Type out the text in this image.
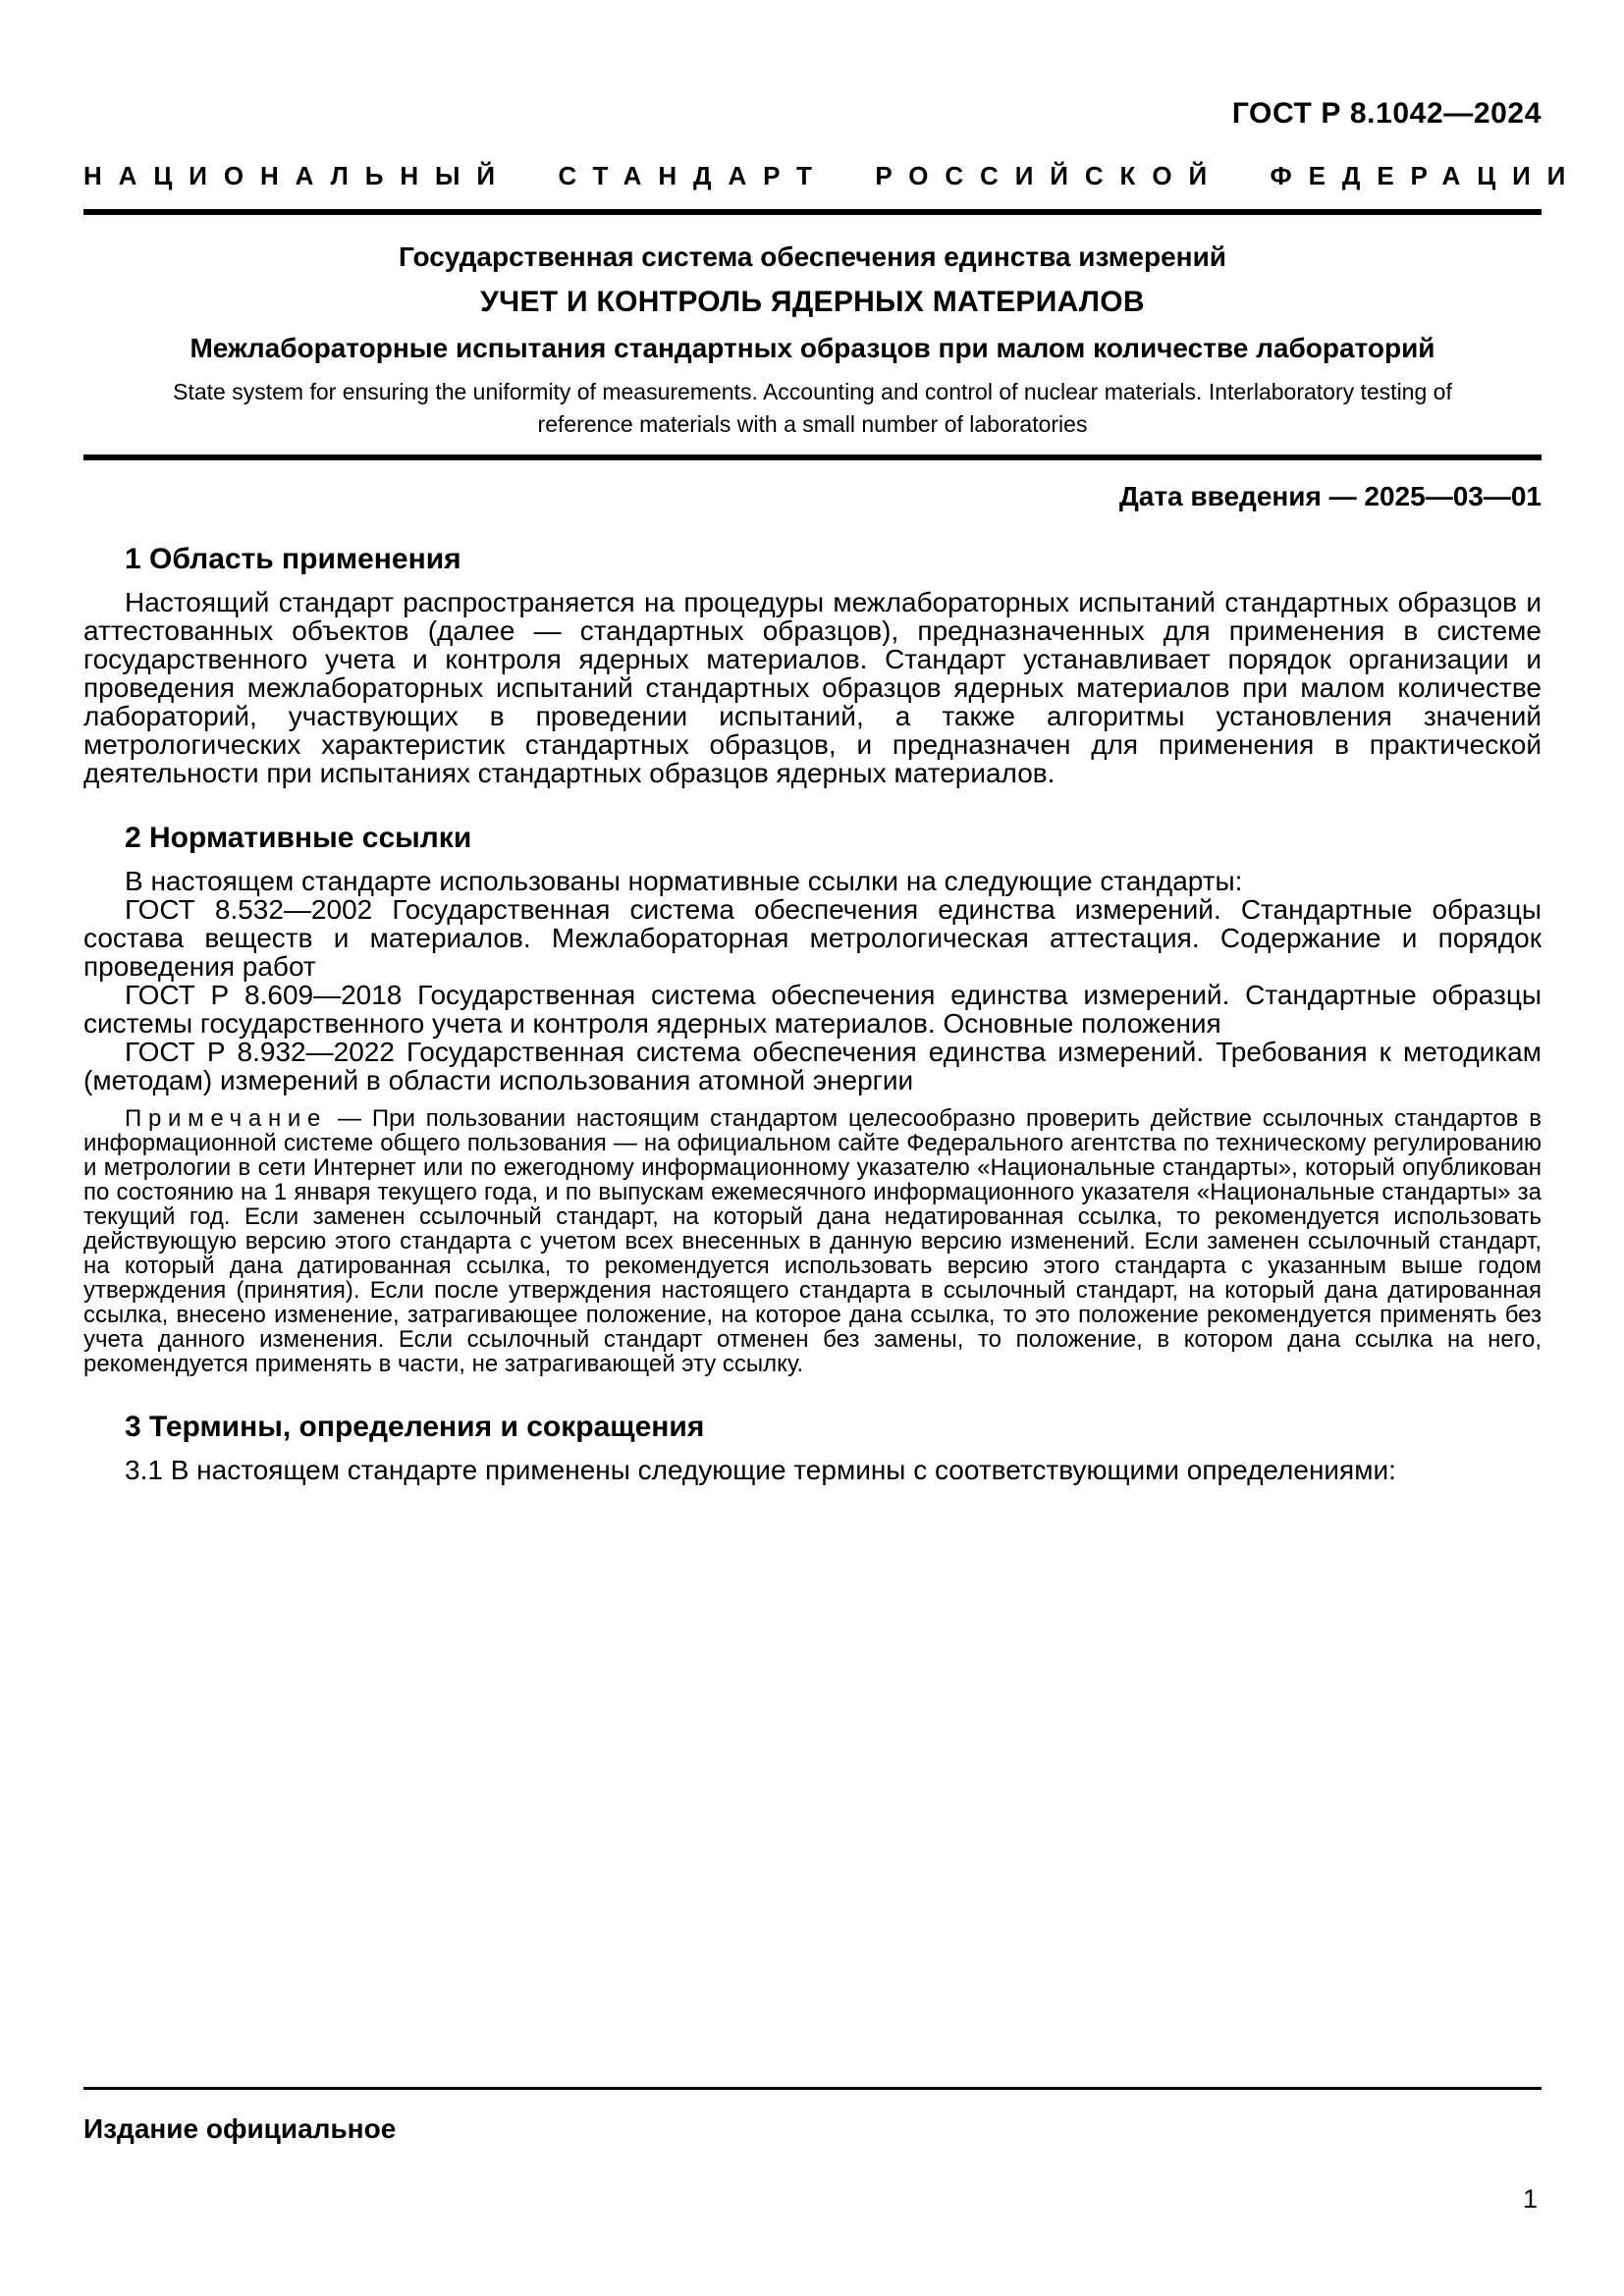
ГОСТ Р 8.1042—2024
НАЦИОНАЛЬНЫЙ СТАНДАРТ РОССИЙСКОЙ ФЕДЕРАЦИИ
Государственная система обеспечения единства измерений
УЧЕТ И КОНТРОЛЬ ЯДЕРНЫХ МАТЕРИАЛОВ
Межлабораторные испытания стандартных образцов при малом количестве лабораторий
State system for ensuring the uniformity of measurements. Accounting and control of nuclear materials. Interlaboratory testing of reference materials with a small number of laboratories
Дата введения — 2025—03—01
1 Область применения

Настоящий стандарт распространяется на процедуры межлабораторных испытаний стандартных образцов и аттестованных объектов (далее — стандартных образцов), предназначенных для применения в системе государственного учета и контроля ядерных материалов. Стандарт устанавливает порядок организации и проведения межлабораторных испытаний стандартных образцов ядерных материалов при малом количестве лабораторий, участвующих в проведении испытаний, а также алгоритмы установления значений метрологических характеристик стандартных образцов, и предназначен для применения в практической деятельности при испытаниях стандартных образцов ядерных материалов.

2 Нормативные ссылки

В настоящем стандарте использованы нормативные ссылки на следующие стандарты:

ГОСТ 8.532—2002 Государственная система обеспечения единства измерений. Стандартные образцы состава веществ и материалов. Межлабораторная метрологическая аттестация. Содержание и порядок проведения работ

ГОСТ Р 8.609—2018 Государственная система обеспечения единства измерений. Стандартные образцы системы государственного учета и контроля ядерных материалов. Основные положения

ГОСТ Р 8.932—2022 Государственная система обеспечения единства измерений. Требования к методикам (методам) измерений в области использования атомной энергии

Примечание — При пользовании настоящим стандартом целесообразно проверить действие ссылочных стандартов в информационной системе общего пользования — на официальном сайте Федерального агентства по техническому регулированию и метрологии в сети Интернет или по ежегодному информационному указателю «Национальные стандарты», который опубликован по состоянию на 1 января текущего года, и по выпускам ежемесячного информационного указателя «Национальные стандарты» за текущий год. Если заменен ссылочный стандарт, на который дана недатированная ссылка, то рекомендуется использовать действующую версию этого стандарта с учетом всех внесенных в данную версию изменений. Если заменен ссылочный стандарт, на который дана датированная ссылка, то рекомендуется использовать версию этого стандарта с указанным выше годом утверждения (принятия). Если после утверждения настоящего стандарта в ссылочный стандарт, на который дана датированная ссылка, внесено изменение, затрагивающее положение, на которое дана ссылка, то это положение рекомендуется применять без учета данного изменения. Если ссылочный стандарт отменен без замены, то положение, в котором дана ссылка на него, рекомендуется применять в части, не затрагивающей эту ссылку.

3 Термины, определения и сокращения

3.1 В настоящем стандарте применены следующие термины с соответствующими определениями:

Издание официальное
1
